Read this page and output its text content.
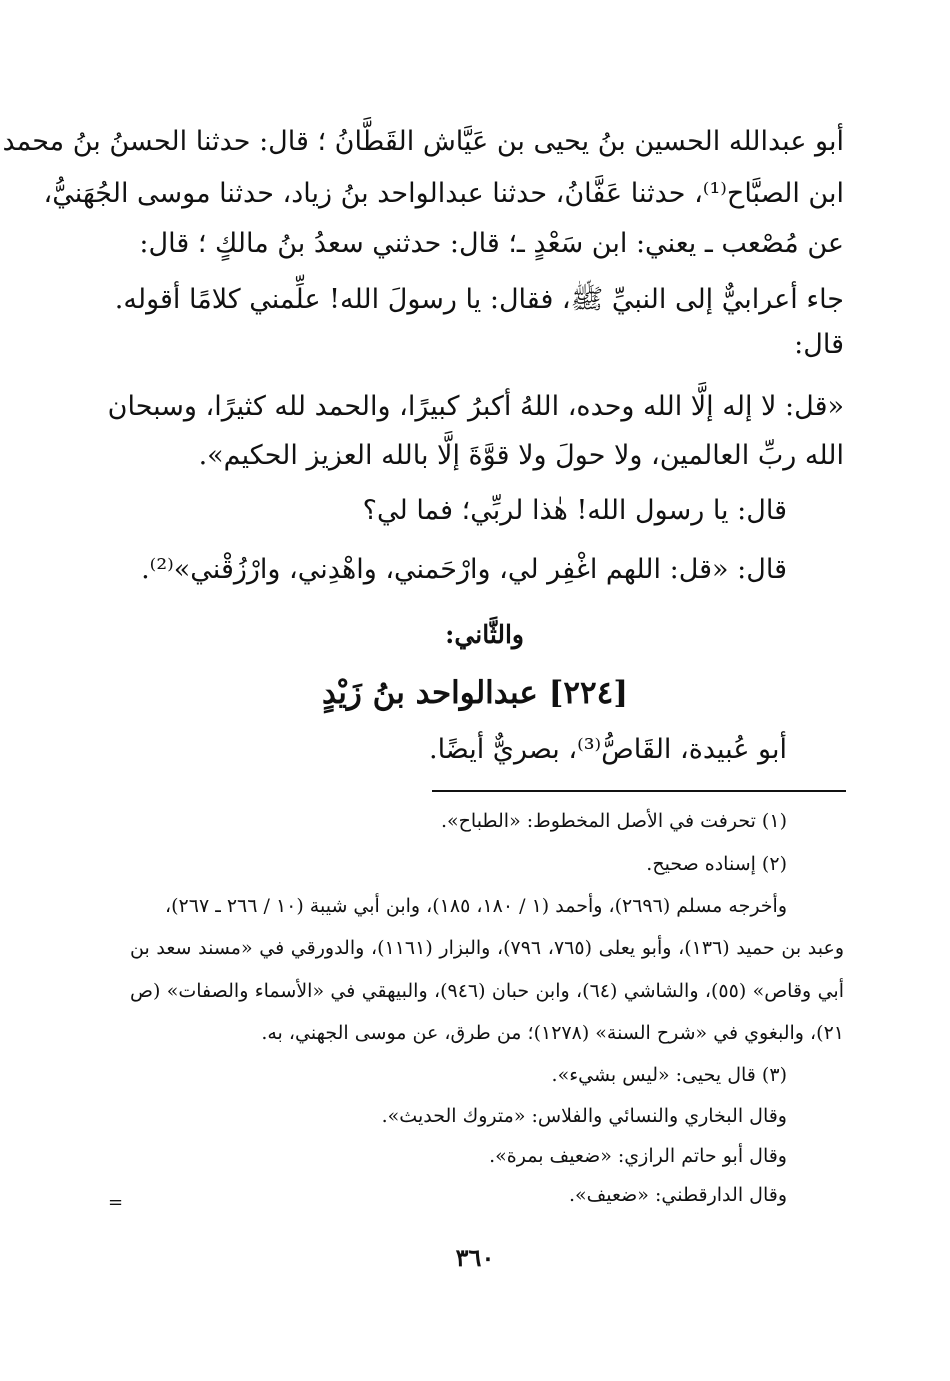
أبو عبدالله الحسين بنُ يحيى بن عَيَّاش القَطَّانُ ؛ قال: حدثنا الحسنُ بنُ محمد
ابن الصبَّاح⁽¹⁾، حدثنا عَفَّانُ، حدثنا عبدالواحد بنُ زياد، حدثنا موسى الجُهَنيُّ،
عن مُصْعب ـ يعني: ابن سَعْدٍ ـ؛ قال: حدثني سعدُ بنُ مالكٍ ؛ قال:
جاء أعرابيٌّ إلى النبيِّ ﷺ، فقال: يا رسولَ الله! علِّمني كلامًا أقوله.
قال:
«قل: لا إله إلَّا الله وحده، اللهُ أكبرُ كبيرًا، والحمد لله كثيرًا، وسبحان
الله ربِّ العالمين، ولا حولَ ولا قوَّةَ إلَّا بالله العزيز الحكيم».
قال: يا رسول الله! هٰذا لربِّي؛ فما لي؟
قال: «قل: اللهم اغْفِر لي، وارْحَمني، واهْدِني، وارْزُقْني»⁽²⁾.
والثَّاني:
[٢٢٤] عبدالواحد بنُ زَيْدٍ
أبو عُبيدة، القَاصُّ⁽³⁾، بصريٌّ أيضًا.
(١) تحرفت في الأصل المخطوط: «الطباح».
(٢) إسناده صحيح.
وأخرجه مسلم (٢٦٩٦)، وأحمد (١ / ١٨٠، ١٨٥)، وابن أبي شيبة (١٠ / ٢٦٦ ـ ٢٦٧)،
وعبد بن حميد (١٣٦)، وأبو يعلى (٧٦٥، ٧٩٦)، والبزار (١١٦١)، والدورقي في «مسند سعد بن
أبي وقاص» (٥٥)، والشاشي (٦٤)، وابن حبان (٩٤٦)، والبيهقي في «الأسماء والصفات» (ص
٢١)، والبغوي في «شرح السنة» (١٢٧٨)؛ من طرق، عن موسى الجهني، به.
(٣) قال يحيى: «ليس بشيء».
وقال البخاري والنسائي والفلاس: «متروك الحديث».
وقال أبو حاتم الرازي: «ضعيف بمرة».
وقال الدارقطني: «ضعيف».
=
٣٦٠
